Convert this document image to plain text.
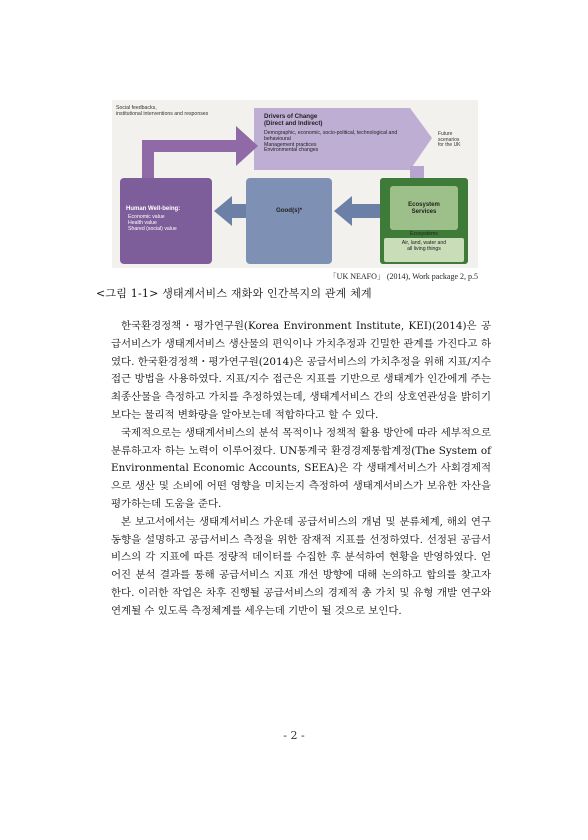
Social feedbacks,
institutional interventions and responses	Drivers of Change
(Direct and Indirect)
Demographic, economic, socio-political, technological and behavioural
Management practices
Environmental changes
Future
scenarios
for the UK
Human Well-being:
Economic value
Health value
Shared (social) value
Good(s)*
Ecosystem
Services
Ecosystems
Air, land, water and
all living things
「UK NEAFO」 (2014), Work package 2, p.5
<그림 1-1> 생태계서비스 재화와 인간복지의 관계 체계

한국환경정책・평가연구원(Korea Environment Institute, KEI)(2014)은 공급서비스가 생태계서비스 생산물의 편익이나 가치추정과 긴밀한 관계를 가진다고 하였다. 한국환경정책・평가연구원(2014)은 공급서비스의 가치추정을 위해 지표/지수 접근 방법을 사용하였다. 지표/지수 접근은 지표를 기반으로 생태계가 인간에게 주는 최종산물을 측정하고 가치를 추정하였는데, 생태계서비스 간의 상호연관성을 밝히기 보다는 물리적 변화량을 알아보는데 적합하다고 할 수 있다.

국제적으로는 생태계서비스의 분석 목적이나 정책적 활용 방안에 따라 세부적으로 분류하고자 하는 노력이 이루어졌다. UN통계국 환경경제통합계정(The System of Environmental Economic Accounts, SEEA)은 각 생태계서비스가 사회경제적으로 생산 및 소비에 어떤 영향을 미치는지 측정하여 생태계서비스가 보유한 자산을 평가하는데 도움을 준다.

본 보고서에서는 생태계서비스 가운데 공급서비스의 개념 및 분류체계, 해외 연구 동향을 설명하고 공급서비스 측정을 위한 잠재적 지표를 선정하였다. 선정된 공급서비스의 각 지표에 따른 정량적 데이터를 수집한 후 분석하여 현황을 반영하였다. 얻어진 분석 결과를 통해 공급서비스 지표 개선 방향에 대해 논의하고 합의를 찾고자 한다. 이러한 작업은 차후 진행될 공급서비스의 경제적 총 가치 및 유형 개발 연구와 연계될 수 있도록 측정체계를 세우는데 기반이 될 것으로 보인다.

- 2 -
